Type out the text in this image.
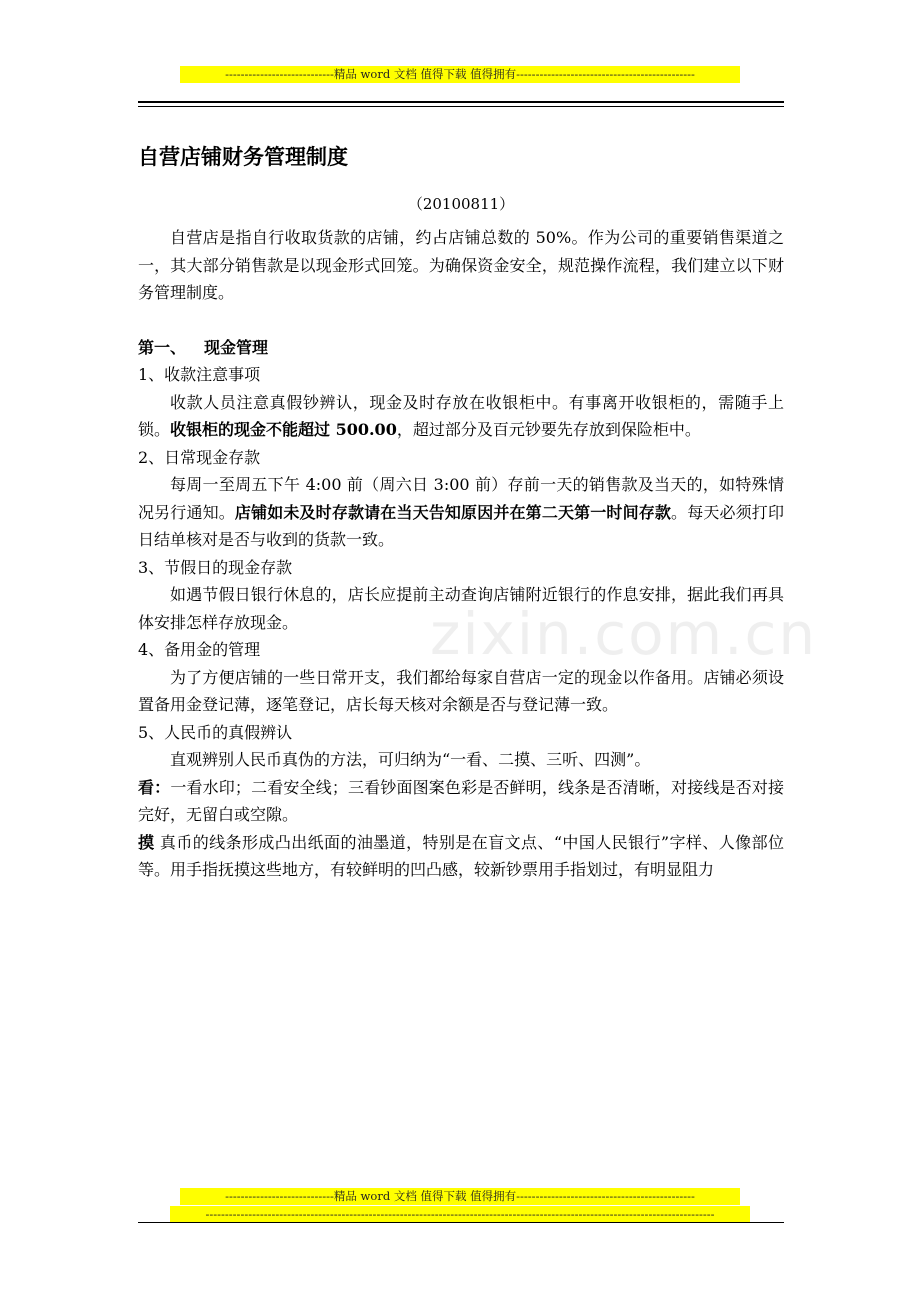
----------------------------精品 word 文档 值得下载 值得拥有----------------------------------------------
zixin.com.cn
自营店铺财务管理制度
（20100811）

自营店是指自行收取货款的店铺，约占店铺总数的 50%。作为公司的重要销售渠道之一，其大部分销售款是以现金形式回笼。为确保资金安全，规范操作流程，我们建立以下财务管理制度。

第一、 现金管理

1、收款注意事项

收款人员注意真假钞辨认，现金及时存放在收银柜中。有事离开收银柜的，需随手上锁。收银柜的现金不能超过 500.00，超过部分及百元钞要先存放到保险柜中。

2、日常现金存款

每周一至周五下午 4:00 前（周六日 3:00 前）存前一天的销售款及当天的，如特殊情况另行通知。店铺如未及时存款请在当天告知原因并在第二天第一时间存款。每天必须打印日结单核对是否与收到的货款一致。

3、节假日的现金存款

如遇节假日银行休息的，店长应提前主动查询店铺附近银行的作息安排，据此我们再具体安排怎样存放现金。

4、备用金的管理

为了方便店铺的一些日常开支，我们都给每家自营店一定的现金以作备用。店铺必须设置备用金登记薄，逐笔登记，店长每天核对余额是否与登记薄一致。

5、人民币的真假辨认

直观辨别人民币真伪的方法，可归纳为“一看、二摸、三听、四测”。

看：一看水印；二看安全线；三看钞面图案色彩是否鲜明，线条是否清晰，对接线是否对接完好，无留白或空隙。

摸 真币的线条形成凸出纸面的油墨道，特别是在盲文点、“中国人民银行”字样、人像部位等。用手指抚摸这些地方，有较鲜明的凹凸感，较新钞票用手指划过，有明显阻力

----------------------------精品 word 文档 值得下载 值得拥有----------------------------------------------
-----------------------------------------------------------------------------------------------------------------------------------
